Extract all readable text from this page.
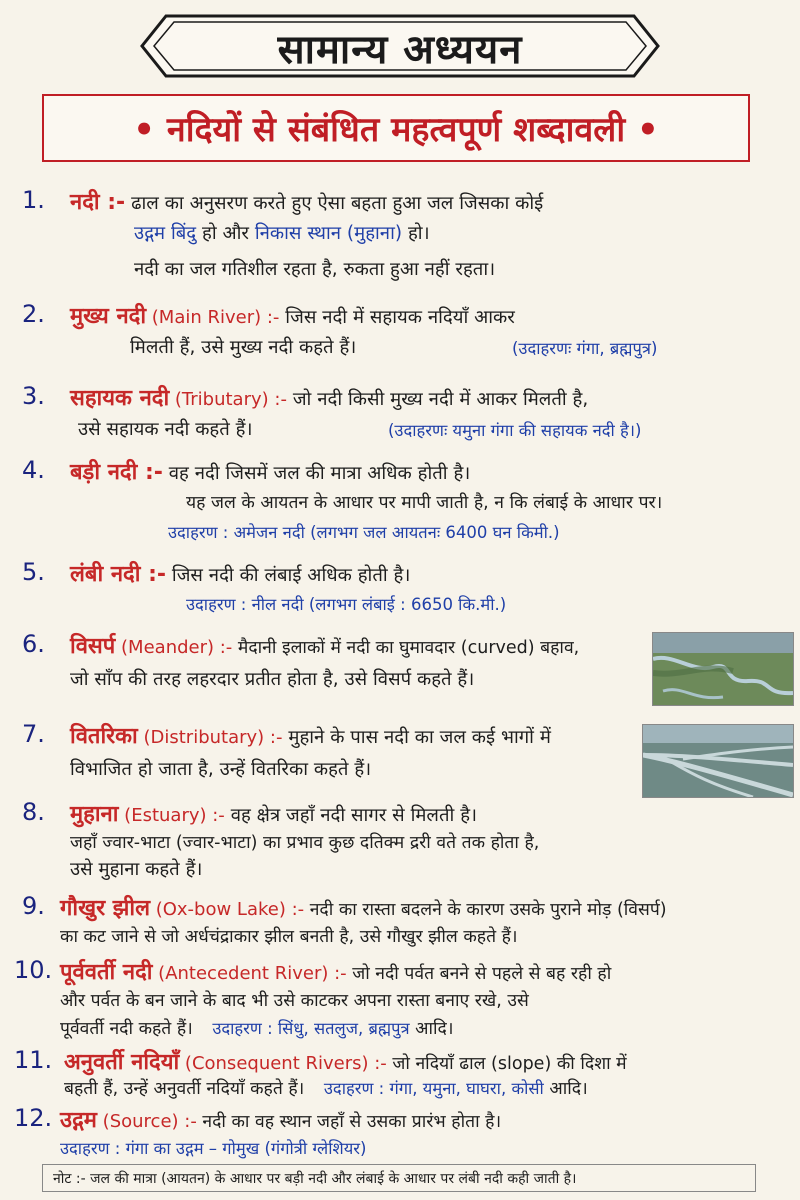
सामान्य अध्ययन
• नदियों से संबंधित महत्वपूर्ण शब्दावली •
1.	नदी :- ढाल का अनुसरण करते हुए ऐसा बहता हुआ जल जिसका कोई
उद्गम बिंदु हो और निकास स्थान (मुहाना) हो।
नदी का जल गतिशील रहता है, रुकता हुआ नहीं रहता।
2.	मुख्य नदी (Main River) :- जिस नदी में सहायक नदियाँ आकर
मिलती हैं, उसे मुख्य नदी कहते हैं।	(उदाहरणः गंगा, ब्रह्मपुत्र)
3.	सहायक नदी (Tributary) :- जो नदी किसी मुख्य नदी में आकर मिलती है,
उसे सहायक नदी कहते हैं।	(उदाहरणः यमुना गंगा की सहायक नदी है।)
4.	बड़ी नदी :- वह नदी जिसमें जल की मात्रा अधिक होती है।
यह जल के आयतन के आधार पर मापी जाती है, न कि लंबाई के आधार पर।
उदाहरण : अमेजन नदी (लगभग जल आयतनः 6400 घन किमी.)
5.	लंबी नदी :- जिस नदी की लंबाई अधिक होती है।
उदाहरण : नील नदी (लगभग लंबाई : 6650 कि.मी.)
6.	विसर्प (Meander) :- मैदानी इलाकों में नदी का घुमावदार (curved) बहाव,
जो साँप की तरह लहरदार प्रतीत होता है, उसे विसर्प कहते हैं।
7.	वितरिका (Distributary) :- मुहाने के पास नदी का जल कई भागों में
विभाजित हो जाता है, उन्हें वितरिका कहते हैं।
8.	मुहाना (Estuary) :- वह क्षेत्र जहाँ नदी सागर से मिलती है।
जहाँ ज्वार-भाटा (ज्वार-भाटा) का प्रभाव कुछ दतिक्म द्ररी वते तक होता है,
उसे मुहाना कहते हैं।
9. गौखुर झील (Ox-bow Lake) :- नदी का रास्ता बदलने के कारण उसके पुराने मोड़ (विसर्प)
का कट जाने से जो अर्धचंद्राकार झील बनती है, उसे गौखुर झील कहते हैं।
10. पूर्ववर्ती नदी (Antecedent River) :- जो नदी पर्वत बनने से पहले से बह रही हो
और पर्वत के बन जाने के बाद भी उसे काटकर अपना रास्ता बनाए रखे, उसे
पूर्ववर्ती नदी कहते हैं। उदाहरण : सिंधु, सतलुज, ब्रह्मपुत्र आदि।
11. अनुवर्ती नदियाँ (Consequent Rivers) :- जो नदियाँ ढाल (slope) की दिशा में
बहती हैं, उन्हें अनुवर्ती नदियाँ कहते हैं। उदाहरण : गंगा, यमुना, घाघरा, कोसी आदि।
12. उद्गम (Source) :- नदी का वह स्थान जहाँ से उसका प्रारंभ होता है।
उदाहरण : गंगा का उद्गम – गोमुख (गंगोत्री ग्लेशियर)
नोट :- जल की मात्रा (आयतन) के आधार पर बड़ी नदी और लंबाई के आधार पर लंबी नदी कही जाती है।
